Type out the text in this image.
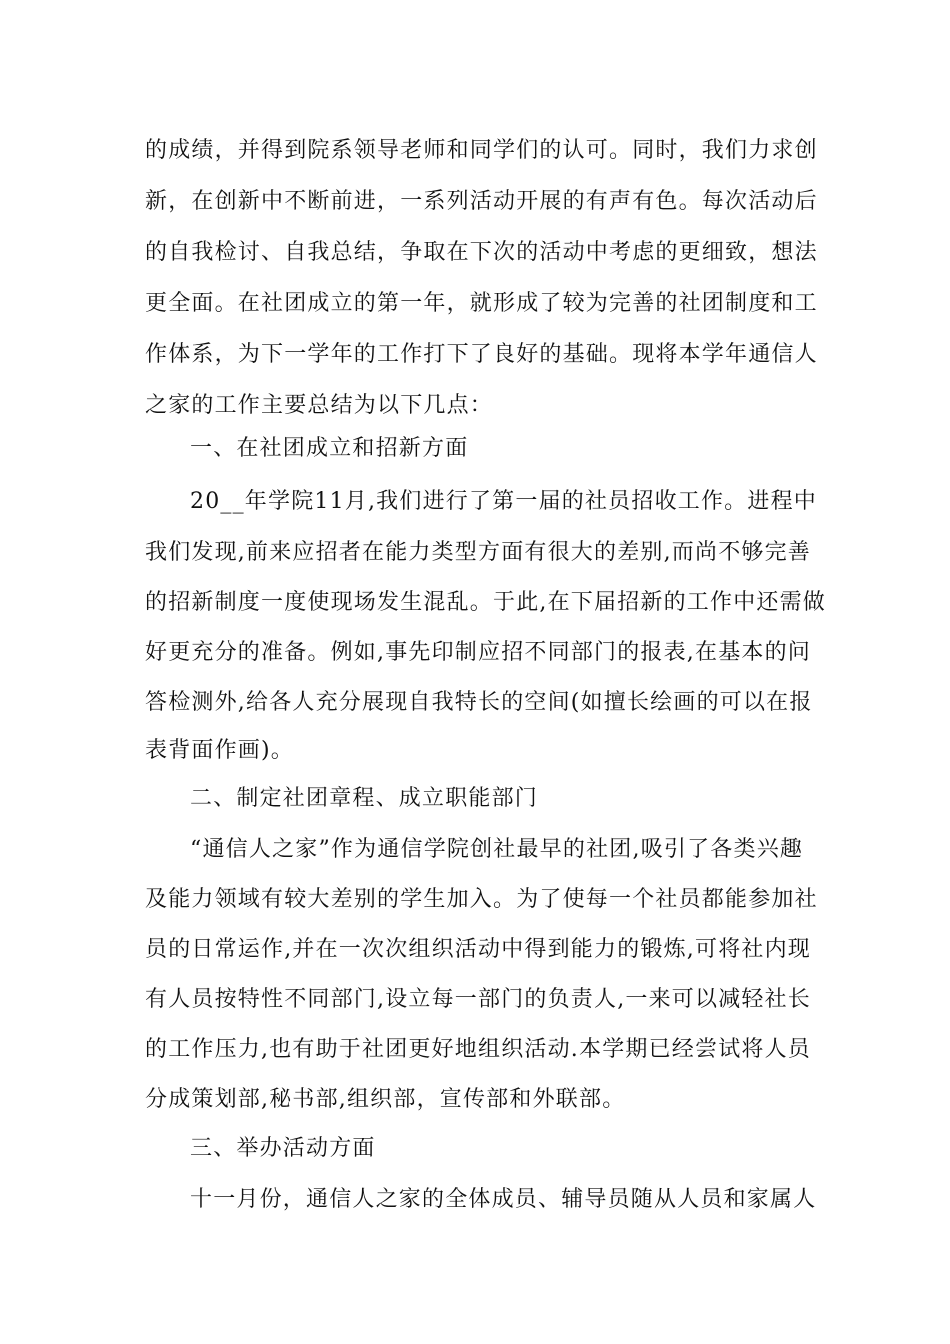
的成绩，并得到院系领导老师和同学们的认可。同时，我们力求创
新，在创新中不断前进，一系列活动开展的有声有色。每次活动后
的自我检讨、自我总结，争取在下次的活动中考虑的更细致，想法
更全面。在社团成立的第一年，就形成了较为完善的社团制度和工
作体系，为下一学年的工作打下了良好的基础。现将本学年通信人
之家的工作主要总结为以下几点：
一、在社团成立和招新方面
20__年学院11月,我们进行了第一届的社员招收工作。进程中
我们发现,前来应招者在能力类型方面有很大的差别,而尚不够完善
的招新制度一度使现场发生混乱。于此,在下届招新的工作中还需做
好更充分的准备。例如,事先印制应招不同部门的报表,在基本的问
答检测外,给各人充分展现自我特长的空间(如擅长绘画的可以在报
表背面作画)。
二、制定社团章程、成立职能部门
“通信人之家”作为通信学院创社最早的社团,吸引了各类兴趣
及能力领域有较大差别的学生加入。为了使每一个社员都能参加社
员的日常运作,并在一次次组织活动中得到能力的锻炼,可将社内现
有人员按特性不同部门,设立每一部门的负责人,一来可以减轻社长
的工作压力,也有助于社团更好地组织活动.本学期已经尝试将人员
分成策划部,秘书部,组织部，宣传部和外联部。
三、举办活动方面
十一月份，通信人之家的全体成员、辅导员随从人员和家属人
